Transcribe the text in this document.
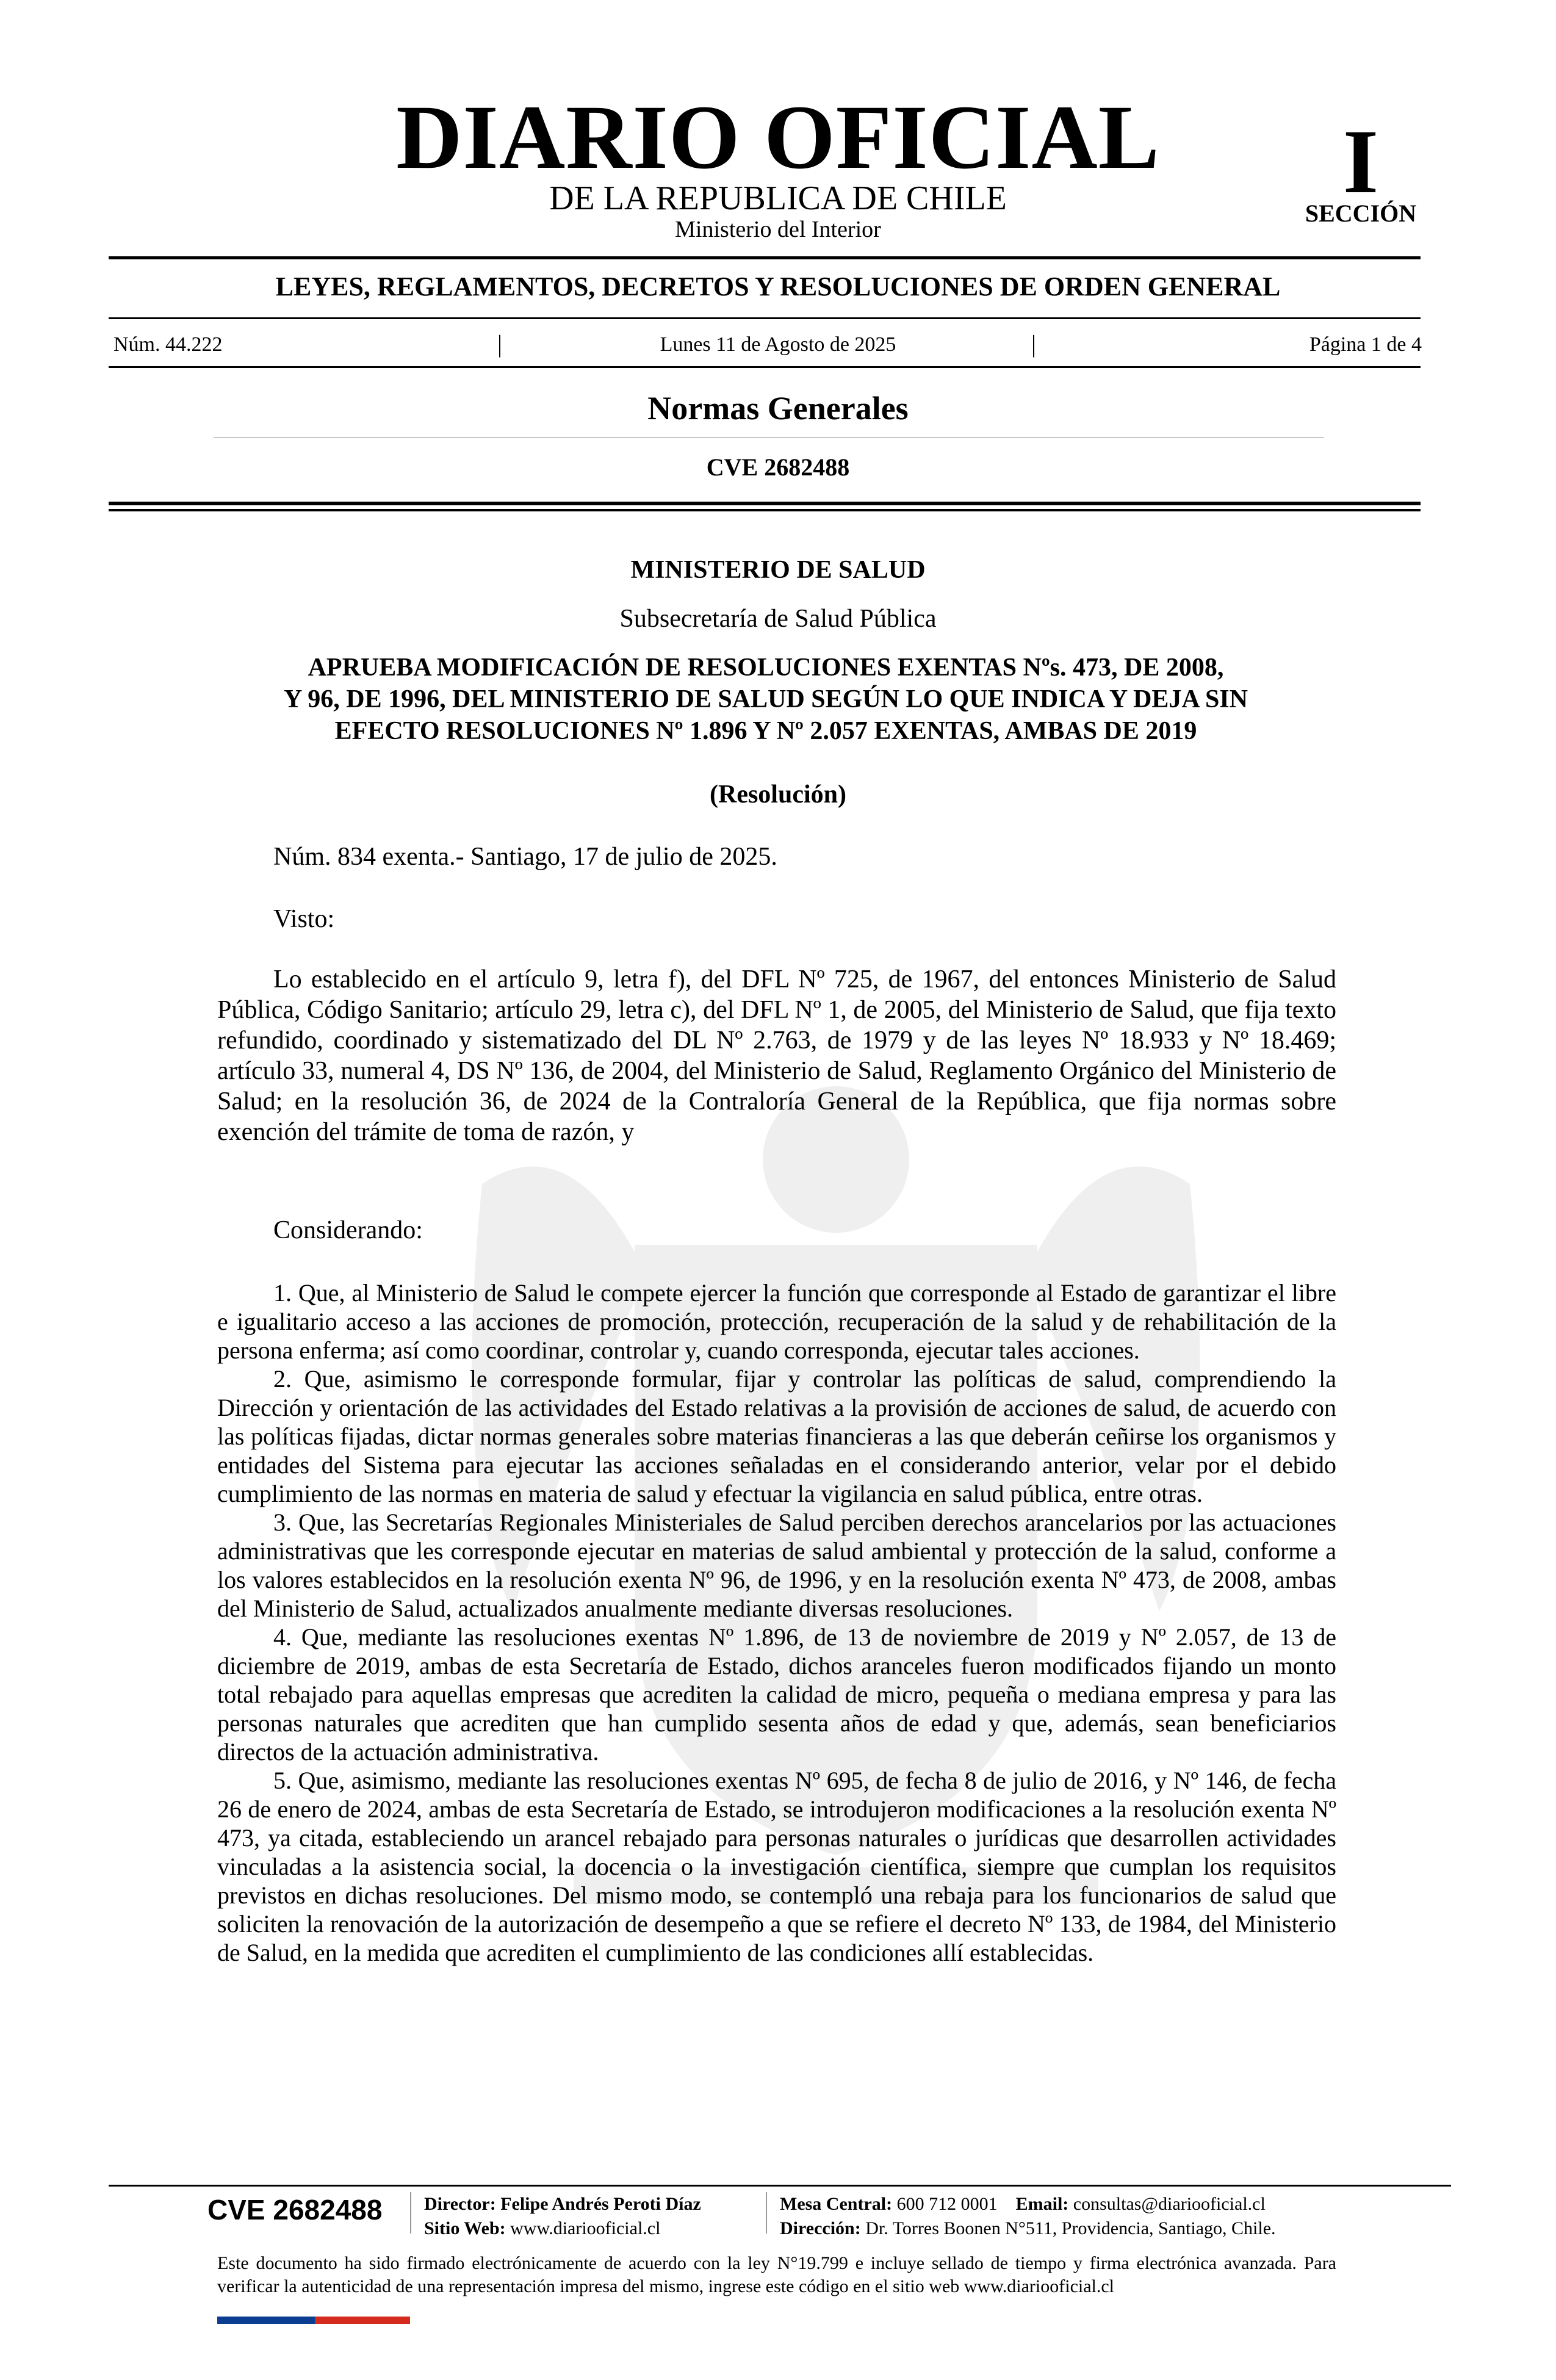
DIARIO OFICIAL
DE LA REPUBLICA DE CHILE
Ministerio del Interior
I
SECCIÓN
LEYES, REGLAMENTOS, DECRETOS Y RESOLUCIONES DE ORDEN GENERAL
Núm. 44.222	|	Lunes 11 de Agosto de 2025	|	Página 1 de 4
Normas Generales
CVE 2682488
MINISTERIO DE SALUD
Subsecretaría de Salud Pública
APRUEBA MODIFICACIÓN DE RESOLUCIONES EXENTAS Nºs. 473, DE 2008,
Y 96, DE 1996, DEL MINISTERIO DE SALUD SEGÚN LO QUE INDICA Y DEJA SIN
EFECTO RESOLUCIONES Nº 1.896 Y Nº 2.057 EXENTAS, AMBAS DE 2019
(Resolución)
Núm. 834 exenta.- Santiago, 17 de julio de 2025.
Visto:
Lo establecido en el artículo 9, letra f), del DFL Nº 725, de 1967, del entonces Ministerio de Salud Pública, Código Sanitario; artículo 29, letra c), del DFL Nº 1, de 2005, del Ministerio de Salud, que fija texto refundido, coordinado y sistematizado del DL Nº 2.763, de 1979 y de las leyes Nº 18.933 y Nº 18.469; artículo 33, numeral 4, DS Nº 136, de 2004, del Ministerio de Salud, Reglamento Orgánico del Ministerio de Salud; en la resolución 36, de 2024 de la Contraloría General de la República, que fija normas sobre exención del trámite de toma de razón, y
Considerando:

1. Que, al Ministerio de Salud le compete ejercer la función que corresponde al Estado de garantizar el libre e igualitario acceso a las acciones de promoción, protección, recuperación de la salud y de rehabilitación de la persona enferma; así como coordinar, controlar y, cuando corresponda, ejecutar tales acciones.

2. Que, asimismo le corresponde formular, fijar y controlar las políticas de salud, comprendiendo la Dirección y orientación de las actividades del Estado relativas a la provisión de acciones de salud, de acuerdo con las políticas fijadas, dictar normas generales sobre materias financieras a las que deberán ceñirse los organismos y entidades del Sistema para ejecutar las acciones señaladas en el considerando anterior, velar por el debido cumplimiento de las normas en materia de salud y efectuar la vigilancia en salud pública, entre otras.

3. Que, las Secretarías Regionales Ministeriales de Salud perciben derechos arancelarios por las actuaciones administrativas que les corresponde ejecutar en materias de salud ambiental y protección de la salud, conforme a los valores establecidos en la resolución exenta Nº 96, de 1996, y en la resolución exenta Nº 473, de 2008, ambas del Ministerio de Salud, actualizados anualmente mediante diversas resoluciones.

4. Que, mediante las resoluciones exentas Nº 1.896, de 13 de noviembre de 2019 y Nº 2.057, de 13 de diciembre de 2019, ambas de esta Secretaría de Estado, dichos aranceles fueron modificados fijando un monto total rebajado para aquellas empresas que acrediten la calidad de micro, pequeña o mediana empresa y para las personas naturales que acrediten que han cumplido sesenta años de edad y que, además, sean beneficiarios directos de la actuación administrativa.

5. Que, asimismo, mediante las resoluciones exentas Nº 695, de fecha 8 de julio de 2016, y Nº 146, de fecha 26 de enero de 2024, ambas de esta Secretaría de Estado, se introdujeron modificaciones a la resolución exenta Nº 473, ya citada, estableciendo un arancel rebajado para personas naturales o jurídicas que desarrollen actividades vinculadas a la asistencia social, la docencia o la investigación científica, siempre que cumplan los requisitos previstos en dichas resoluciones. Del mismo modo, se contempló una rebaja para los funcionarios de salud que soliciten la renovación de la autorización de desempeño a que se refiere el decreto Nº 133, de 1984, del Ministerio de Salud, en la medida que acrediten el cumplimiento de las condiciones allí establecidas.

CVE 2682488 Director: Felipe Andrés Peroti Díaz
Sitio Web: www.diariooficial.cl
Mesa Central: 600 712 0001 Email: consultas@diariooficial.cl
Dirección: Dr. Torres Boonen N°511, Providencia, Santiago, Chile.
Este documento ha sido firmado electrónicamente de acuerdo con la ley N°19.799 e incluye sellado de tiempo y firma electrónica avanzada. Para verificar la autenticidad de una representación impresa del mismo, ingrese este código en el sitio web www.diariooficial.cl
